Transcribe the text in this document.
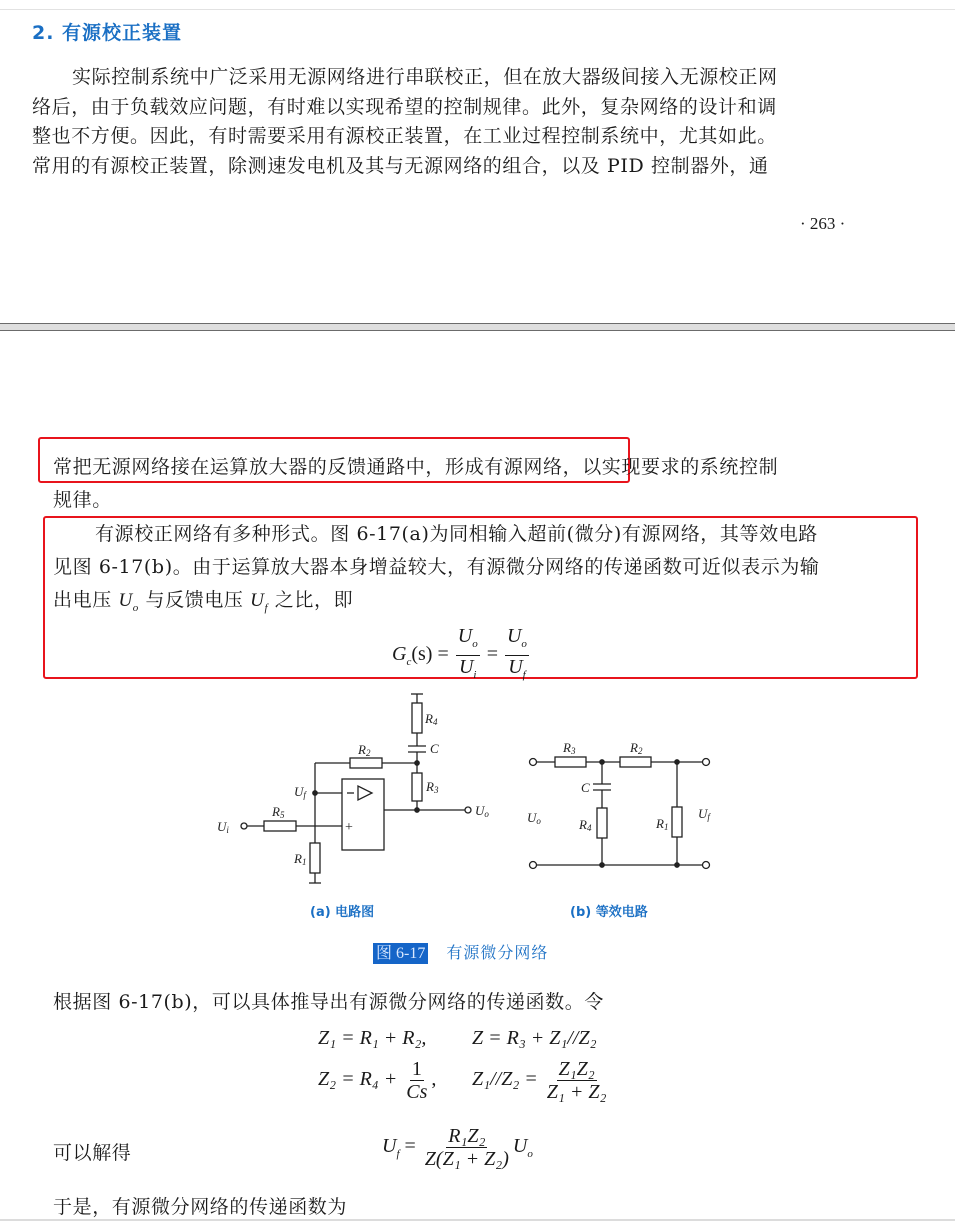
2. 有源校正装置
实际控制系统中广泛采用无源网络进行串联校正，但在放大器级间接入无源校正网
络后，由于负载效应问题，有时难以实现希望的控制规律。此外，复杂网络的设计和调
整也不方便。因此，有时需要采用有源校正装置，在工业过程控制系统中，尤其如此。
常用的有源校正装置，除测速发电机及其与无源网络的组合，以及 PID 控制器外，通
· 263 ·
常把无源网络接在运算放大器的反馈通路中，形成有源网络，以实现要求的系统控制
规律。
有源校正网络有多种形式。图 6-17(a)为同相输入超前(微分)有源网络，其等效电路
见图 6-17(b)。由于运算放大器本身增益较大，有源微分网络的传递函数可近似表示为输
出电压 $U_o$ 与反馈电压 $U_f$ 之比，即
$G_c(s) = \frac{U_o}{U_i} = \frac{U_o}{U_f}$
R4
C
R2
R3
Uf
R5
Ui
Uo
R1
+
(a) 电路图
R3	R2
C
Uo	R4	R1
Uf
(b) 等效电路
图 6-17 有源微分网络
根据图 6-17(b)，可以具体推导出有源微分网络的传递函数。令
Z₁ = R₁ + R₂, Z = R₃ + Z₁//Z₂
$Z_2 = R_4 + \frac{1}{Cs}$ , $Z_1//Z_2 = \frac{\text{Z₁Z₂}}{\text{Z₁ + Z₂}}$
可以解得	$U_f = \frac{\text{R₁Z₂}}{\text{Z(Z₁ + Z₂)}} U_o$
于是，有源微分网络的传递函数为
